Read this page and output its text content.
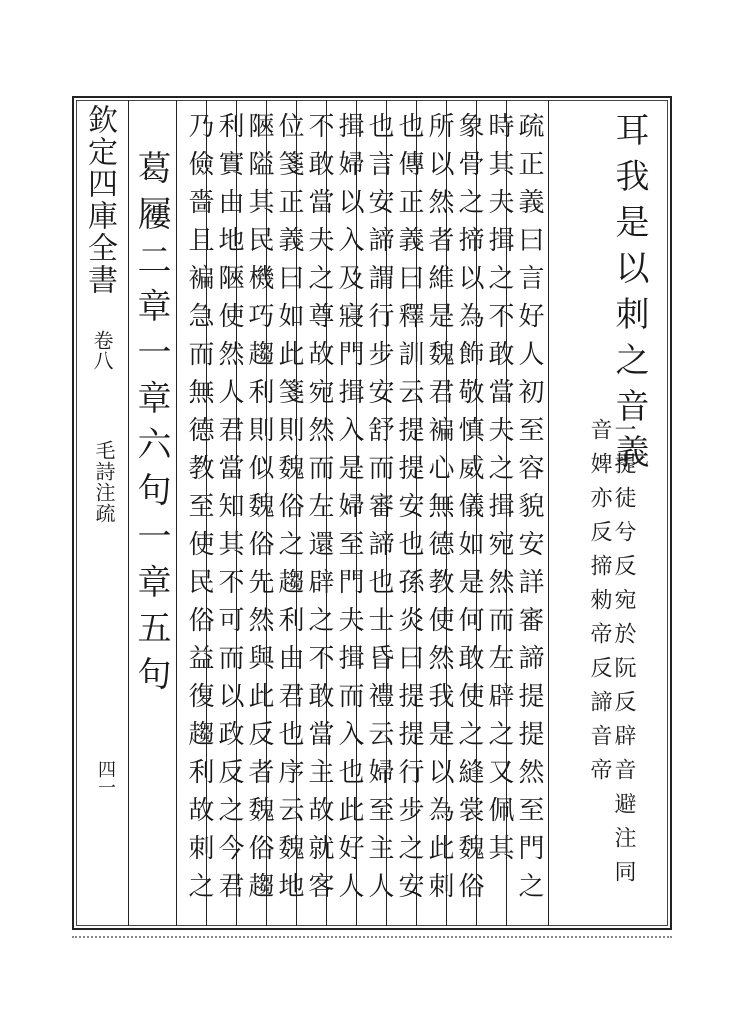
欽定四庫全書
卷八
毛詩注疏
四一
耳我是以刺之音義
一提徒兮反宛於阮反辟音避注同
音婢亦反揥勑帝反諦音帝
疏正義曰言好人初至容貌安詳審諦提提然至門之
時其夫揖之不敢當夫之揖宛然而左辟之又佩其
象骨之揥以為飾敬慎威儀如是何敢使之縫裳魏俗
所以然者維是魏君褊心無德教使然我是以為此刺
也傳正義曰釋訓云提提安也孫炎曰提提行步之安
也言安諦謂行步安舒而審諦也士昏禮云婦至主人
揖婦以入及寢門揖入是婦至門夫揖而入也此好人
不敢當夫之尊故宛然而左還辟之不敢當主故就客
位箋正義曰如此箋則魏俗之趨利由君也序云魏地
陿隘其民機巧趨利則似魏俗先然與此反者魏俗趨
利實由地陿使然人君當知其不可而以政反之今君
乃儉嗇且褊急而無德教至使民俗益復趨利故刺之
葛屨二章一章六句一章五句
